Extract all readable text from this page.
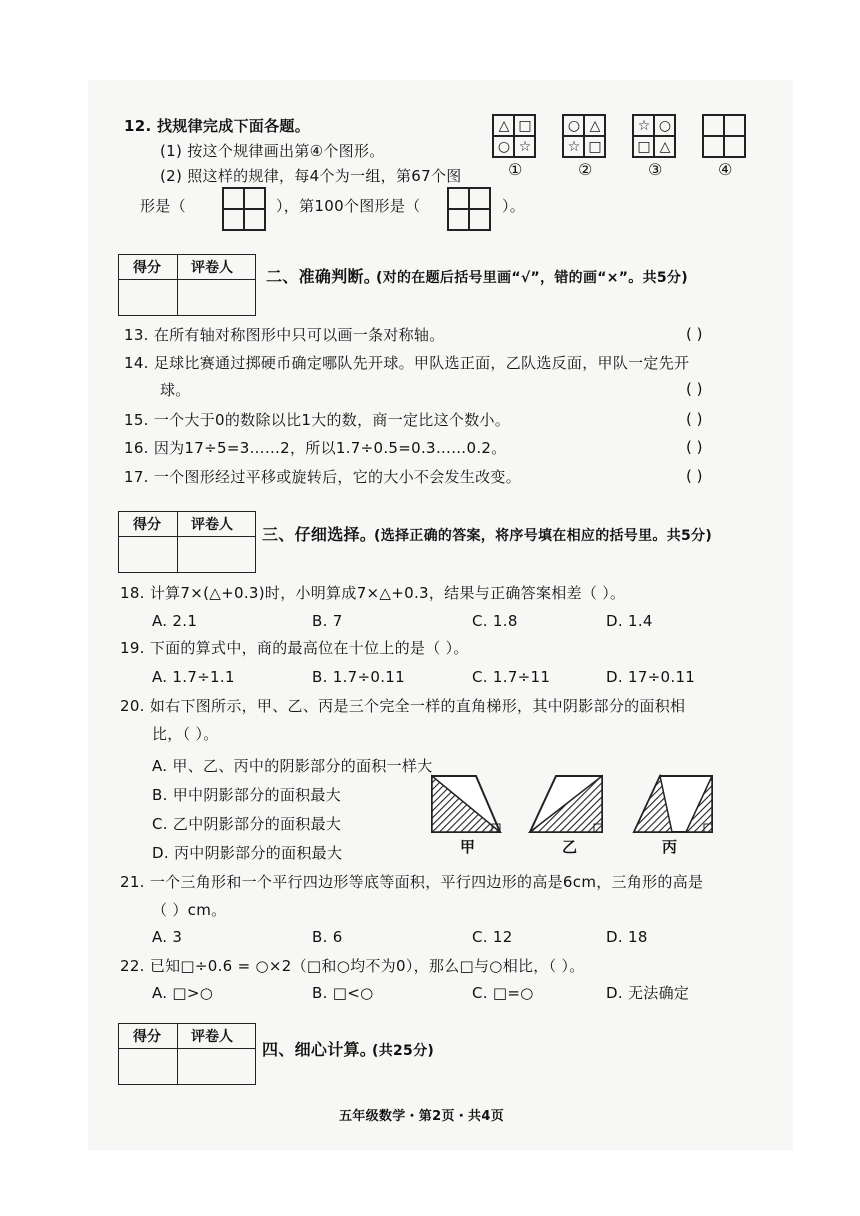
12. 找规律完成下面各题。
(1) 按这个规律画出第④个图形。
(2) 照这样的规律，每4个为一组，第67个图
形是（	），第100个图形是（	）。
△ □
○ ☆
①
○ △
☆ □
②
☆ ○
□ △
③	④
得分 评卷人 二、准确判断。
(对的在题后括号里画“√”，错的画“×”。共5分)
13. 在所有轴对称图形中只可以画一条对称轴。	( )
14. 足球比赛通过掷硬币确定哪队先开球。甲队选正面，乙队选反面，甲队一定先开
球。	( )
15. 一个大于0的数除以比1大的数，商一定比这个数小。	( )
16. 因为17÷5=3……2，所以1.7÷0.5=0.3……0.2。	( )
17. 一个图形经过平移或旋转后，它的大小不会发生改变。	( )
得分 评卷人 三、仔细选择。
(选择正确的答案，将序号填在相应的括号里。共5分)
18. 计算7×(△+0.3)时，小明算成7×△+0.3，结果与正确答案相差（ ）。
A. 2.1	B. 7	C. 1.8	D. 1.4
19. 下面的算式中，商的最高位在十位上的是（ ）。
A. 1.7÷1.1	B. 1.7÷0.11	C. 1.7÷11	D. 17÷0.11
20. 如右下图所示，甲、乙、丙是三个完全一样的直角梯形，其中阴影部分的面积相
比，（ ）。
A. 甲、乙、丙中的阴影部分的面积一样大
B. 甲中阴影部分的面积最大
C. 乙中阴影部分的面积最大
D. 丙中阴影部分的面积最大	甲	乙	丙
21. 一个三角形和一个平行四边形等底等面积，平行四边形的高是6cm，三角形的高是
（ ）cm。
A. 3	B. 6	C. 12	D. 18
22. 已知□÷0.6 = ○×2（□和○均不为0），那么□与○相比，（ ）。
A. □>○	B. □<○	C. □=○	D. 无法确定
得分 评卷人
四、细心计算。
(共25分)
五年级数学・第2页・共4页
